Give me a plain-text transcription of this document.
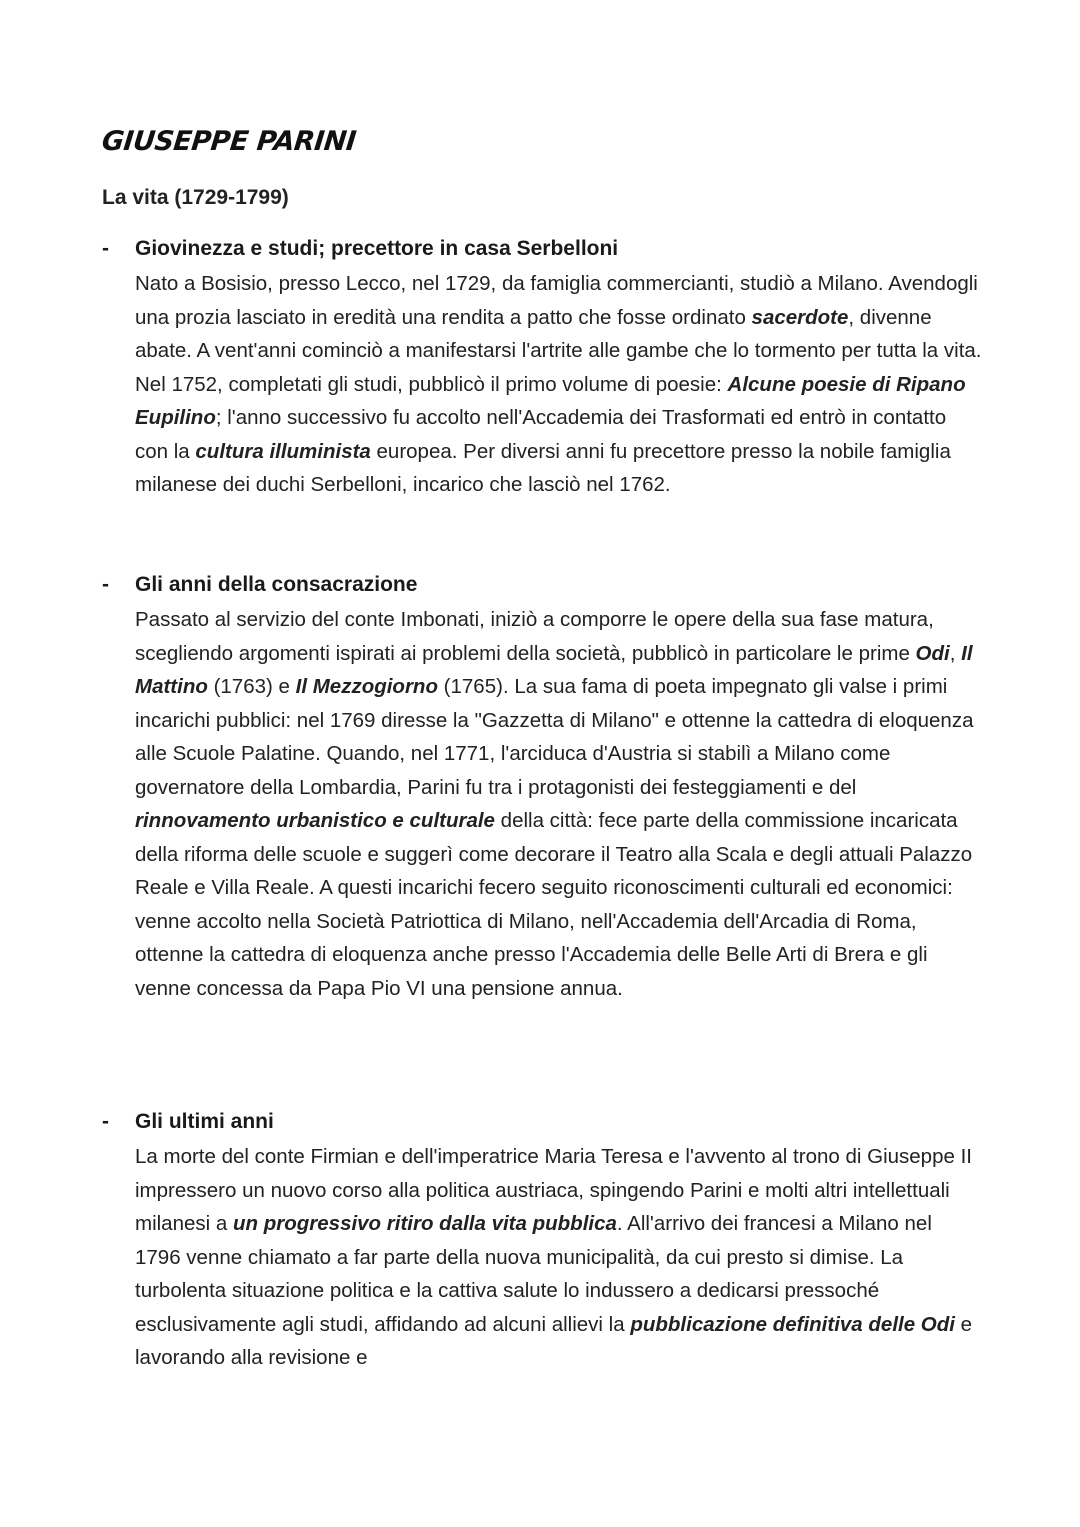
GIUSEPPE PARINI
La vita (1729-1799)
- Giovinezza e studi; precettore in casa Serbelloni

Nato a Bosisio, presso Lecco, nel 1729, da famiglia commercianti, studiò a Milano. Avendogli una prozia lasciato in eredità una rendita a patto che fosse ordinato sacerdote, divenne abate. A vent'anni cominciò a manifestarsi l'artrite alle gambe che lo tormento per tutta la vita. Nel 1752, completati gli studi, pubblicò il primo volume di poesie: Alcune poesie di Ripano Eupilino; l'anno successivo fu accolto nell'Accademia dei Trasformati ed entrò in contatto con la cultura illuminista europea. Per diversi anni fu precettore presso la nobile famiglia milanese dei duchi Serbelloni, incarico che lasciò nel 1762.

- Gli anni della consacrazione

Passato al servizio del conte Imbonati, iniziò a comporre le opere della sua fase matura, scegliendo argomenti ispirati ai problemi della società, pubblicò in particolare le prime Odi, Il Mattino (1763) e Il Mezzogiorno (1765). La sua fama di poeta impegnato gli valse i primi incarichi pubblici: nel 1769 diresse la "Gazzetta di Milano" e ottenne la cattedra di eloquenza alle Scuole Palatine. Quando, nel 1771, l'arciduca d'Austria si stabilì a Milano come governatore della Lombardia, Parini fu tra i protagonisti dei festeggiamenti e del rinnovamento urbanistico e culturale della città: fece parte della commissione incaricata della riforma delle scuole e suggerì come decorare il Teatro alla Scala e degli attuali Palazzo Reale e Villa Reale. A questi incarichi fecero seguito riconoscimenti culturali ed economici: venne accolto nella Società Patriottica di Milano, nell'Accademia dell'Arcadia di Roma, ottenne la cattedra di eloquenza anche presso l'Accademia delle Belle Arti di Brera e gli venne concessa da Papa Pio VI una pensione annua.

- Gli ultimi anni

La morte del conte Firmian e dell'imperatrice Maria Teresa e l'avvento al trono di Giuseppe II impressero un nuovo corso alla politica austriaca, spingendo Parini e molti altri intellettuali milanesi a un progressivo ritiro dalla vita pubblica. All'arrivo dei francesi a Milano nel 1796 venne chiamato a far parte della nuova municipalità, da cui presto si dimise. La turbolenta situazione politica e la cattiva salute lo indussero a dedicarsi pressoché esclusivamente agli studi, affidando ad alcuni allievi la pubblicazione definitiva delle Odi e lavorando alla revisione e
